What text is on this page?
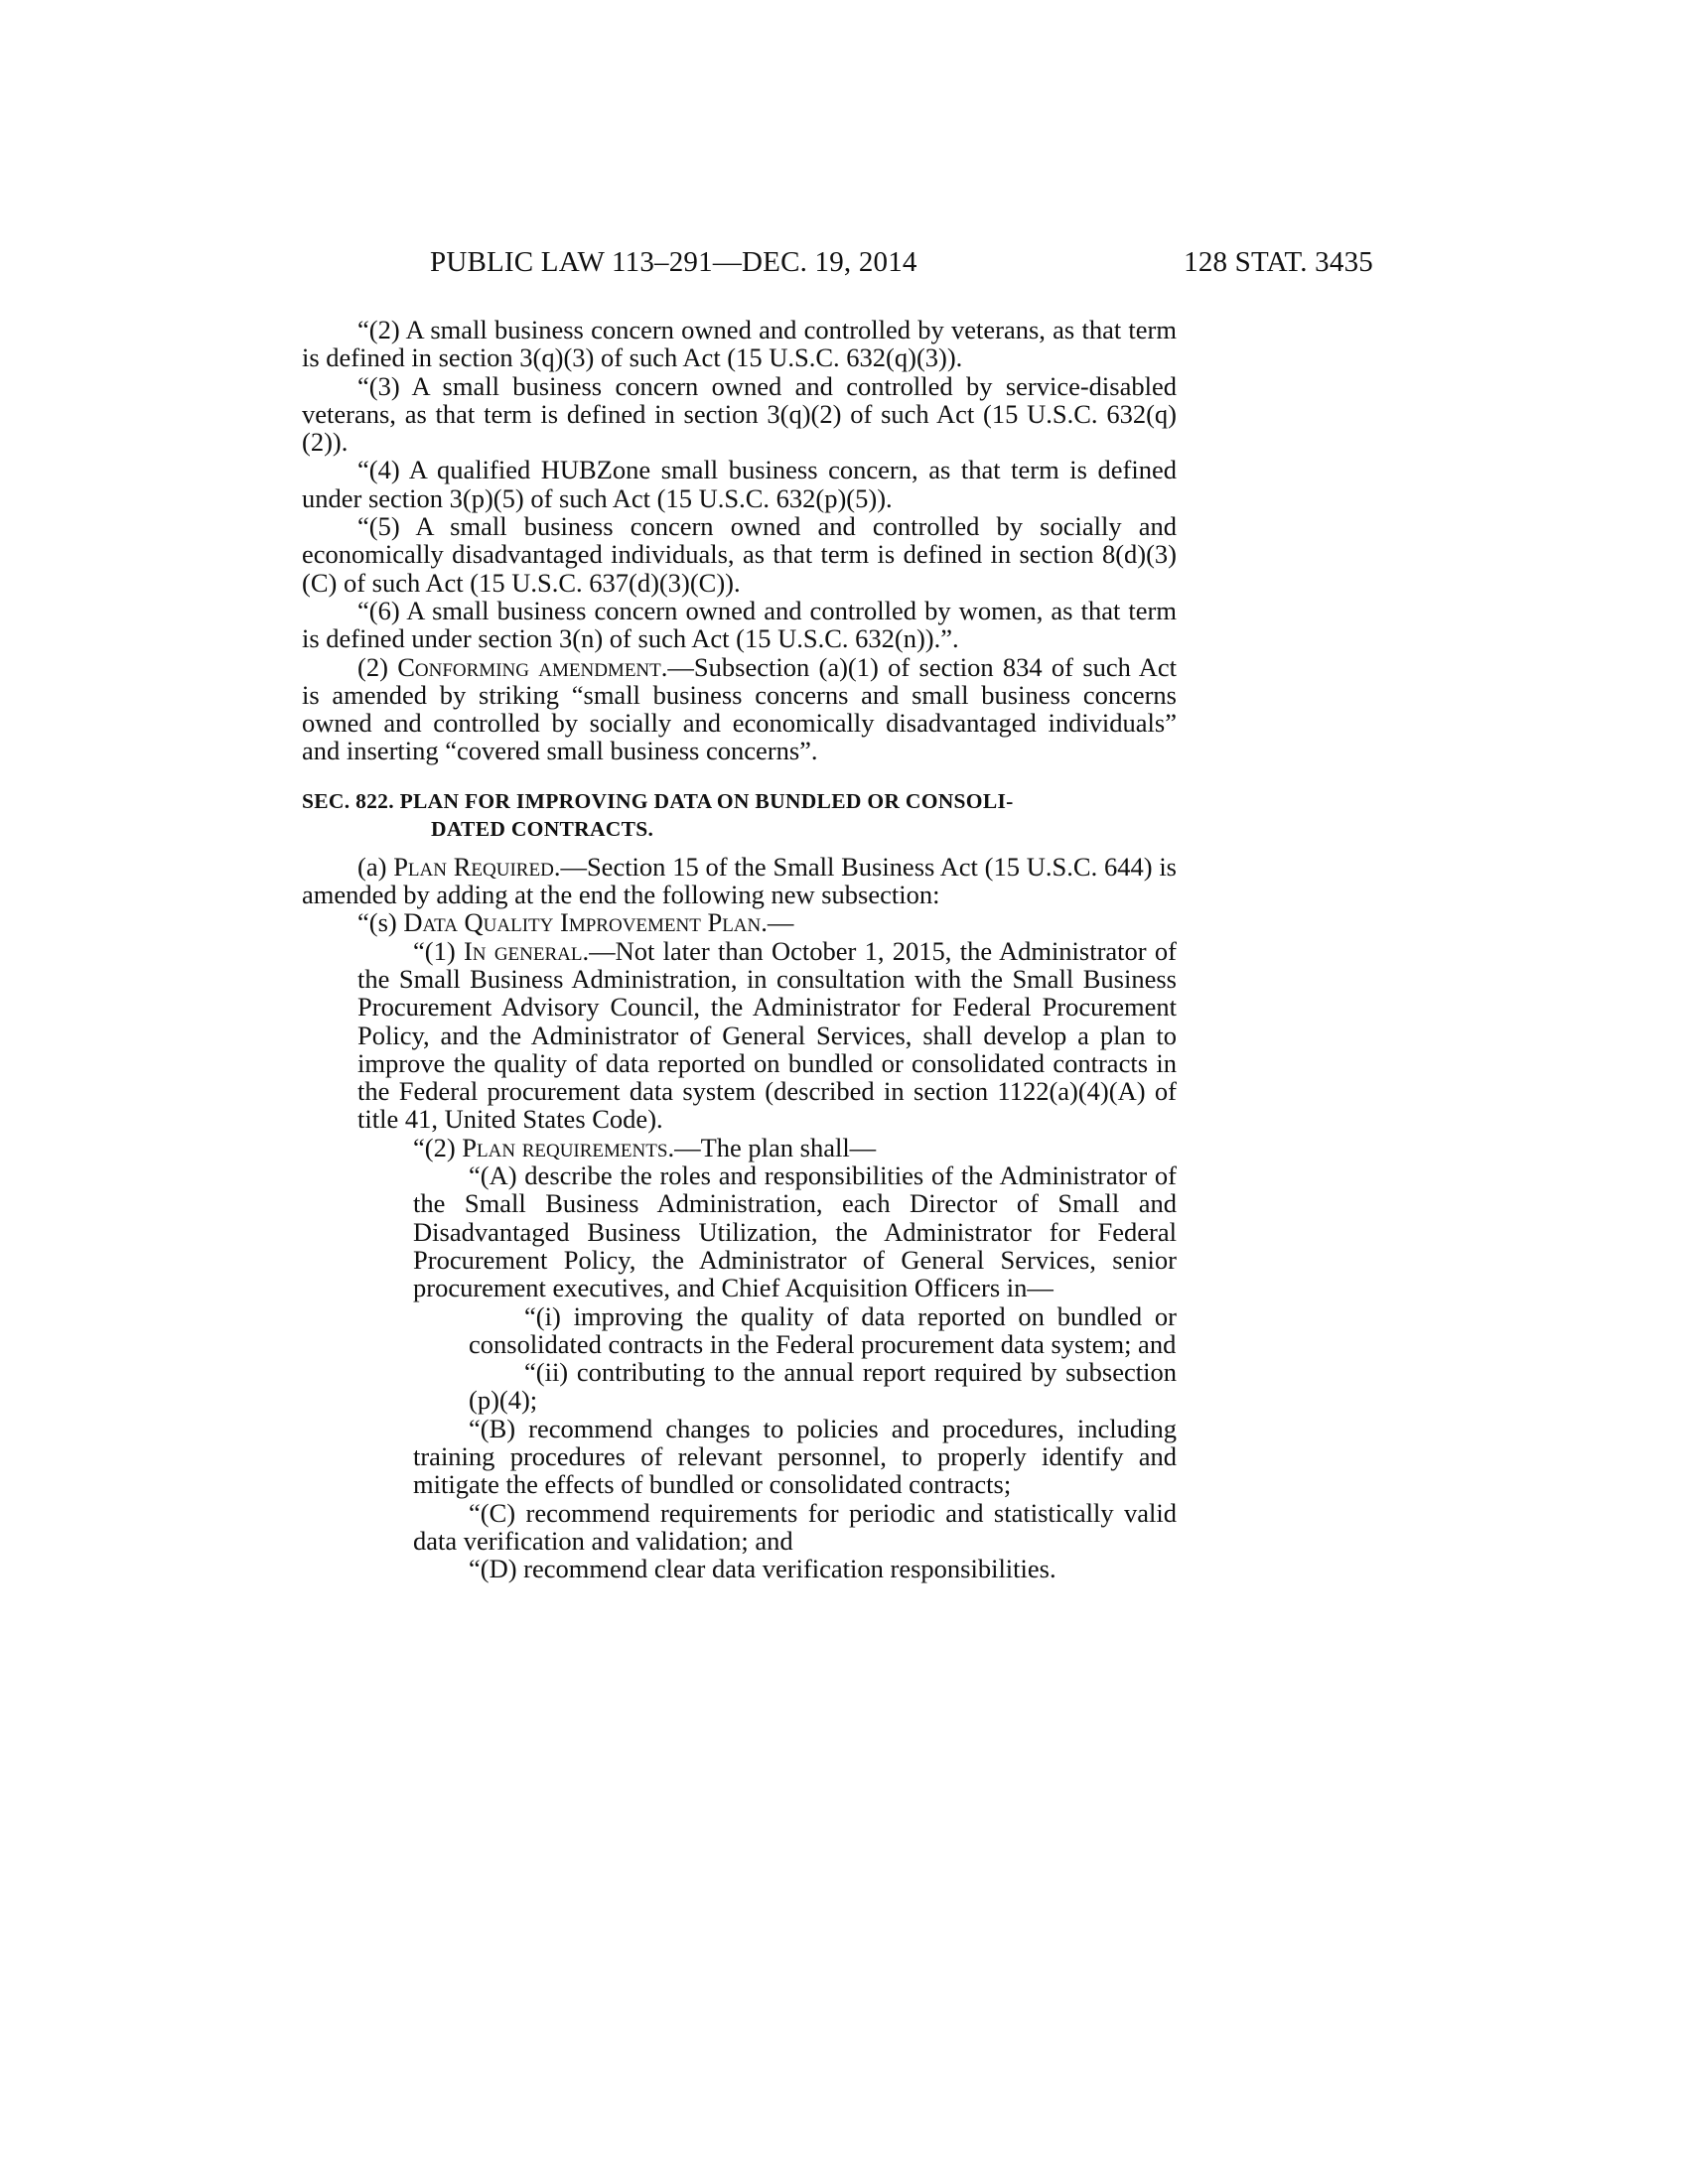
PUBLIC LAW 113–291—DEC. 19, 2014	128 STAT. 3435

“(2) A small business concern owned and controlled by veterans, as that term is defined in section 3(q)(3) of such Act (15 U.S.C. 632(q)(3)).

“(3) A small business concern owned and controlled by service-disabled veterans, as that term is defined in section 3(q)(2) of such Act (15 U.S.C. 632(q)(2)).

“(4) A qualified HUBZone small business concern, as that term is defined under section 3(p)(5) of such Act (15 U.S.C. 632(p)(5)).

“(5) A small business concern owned and controlled by socially and economically disadvantaged individuals, as that term is defined in section 8(d)(3)(C) of such Act (15 U.S.C. 637(d)(3)(C)).

“(6) A small business concern owned and controlled by women, as that term is defined under section 3(n) of such Act (15 U.S.C. 632(n)).”.

(2) Conforming amendment.—Subsection (a)(1) of section 834 of such Act is amended by striking “small business concerns and small business concerns owned and controlled by socially and economically disadvantaged individuals” and inserting “covered small business concerns”.

SEC. 822. PLAN FOR IMPROVING DATA ON BUNDLED OR CONSOLI-
DATED CONTRACTS.

(a) Plan Required.—Section 15 of the Small Business Act (15 U.S.C. 644) is amended by adding at the end the following new subsection:

“(s) Data Quality Improvement Plan.—

“(1) In general.—Not later than October 1, 2015, the Administrator of the Small Business Administration, in consultation with the Small Business Procurement Advisory Council, the Administrator for Federal Procurement Policy, and the Administrator of General Services, shall develop a plan to improve the quality of data reported on bundled or consolidated contracts in the Federal procurement data system (described in section 1122(a)(4)(A) of title 41, United States Code).

“(2) Plan requirements.—The plan shall—

“(A) describe the roles and responsibilities of the Administrator of the Small Business Administration, each Director of Small and Disadvantaged Business Utilization, the Administrator for Federal Procurement Policy, the Administrator of General Services, senior procurement executives, and Chief Acquisition Officers in—

“(i) improving the quality of data reported on bundled or consolidated contracts in the Federal procurement data system; and

“(ii) contributing to the annual report required by subsection (p)(4);

“(B) recommend changes to policies and procedures, including training procedures of relevant personnel, to properly identify and mitigate the effects of bundled or consolidated contracts;

“(C) recommend requirements for periodic and statistically valid data verification and validation; and

“(D) recommend clear data verification responsibilities.
